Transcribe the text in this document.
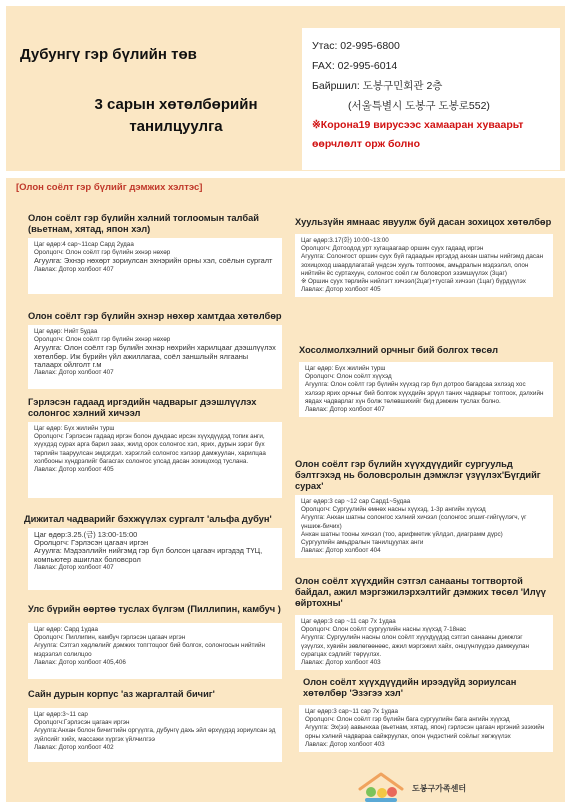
Дубунгү гэр бүлийн төв
3 сарын хөтөлбөрийн танилцуулга
Утас: 02-995-6800
FAX: 02-995-6014
Байршил: 도봉구민회관 2층
(서울특별시 도봉구 도봉로552)
※Корона19 вирусээс хамааран хуваарьт өөрчлөлт орж болно
[Олон соёлт гэр бүлийг дэмжих хэлтэс]
Олон соёлт гэр бүлийн хэлний тоглоомын талбай (вьетнам, хятад, япон хэл)
Цаг өдөр:4 сар~11сар Сард 2удаа
Оролцогч: Олон соёлт гэр бүлийн эхнэр нөхөр
Агуулга: Эхнэр нөхөрт зориулсан эхнэрийн орны хэл, соёлын сургалт
Лавлах: Дотор холбоот 407
Олон соёлт гэр бүлийн эхнэр нөхөр хамтдаа хөтөлбөр
Цаг өдөр: Нийт 5удаа
Оролцогч: Олон соёлт гэр бүлийн эхнэр нөхөр
Агуулга: Олон соёлт гэр бүлийн эхнэр нөхрийн харилцааг дээшлүүлэх хөтөлбөр. Иж бүрийн үйл ажиллагаа, соёл заншлыйн ялгааны талаарх ойлголт г.м
Лавлах: Дотор холбоот 407
Гэрлэсэн гадаад иргэдийн чадварыг дээшлүүлэх солонгос хэлний хичээл
Цаг өдөр: Бүх жилийн турш
Оролцогч: Гэрлэсэн гадаад иргэн болон дундаас ирсэн хүүхдүүдэд топик анги, хүүхдэд сурах арга барил заах, жилд орох солонгос хэл, ярих, дурын зэрэг бүх төрлийн тааруулсан эмдэгдэл. хэрэглэй солонгос хэлээр дамжуулан, харилцаа холбооны хүндрэлийг багасгах солонгос улсад дасан зохицоход туслана.
Лавлах: Дотор холбоот 405
Дижитал чадварийг бэхжүүлэх сургалт 'альфа дубун'
Цаг өдөр:3.25.(금) 13:00-15:00
Оролцогч: Гэрлэсэн цагаач иргэн
Агуулга: Мэдээллийн нийгэмд гэр бүл болсон цагаач иргэдэд ТҮЦ, компьютер ашиглах боловсрол
Лавлах: Дотор холбоот 407
Улс бүрийн өөртөө туслах бүлгэм (Пиллипин, камбуч )
Цаг өдөр: Сард 1удаа
Оролцогч: Пиллипин, камбуч гэрлэсэн цагаач иргэн
Агуулга: Сэтгэл хөдлөлийг дэмжих топгтоцоог бий болгох, солонгосын нийтийн мэдээлэл солилцоо
Лавлах: Дотор холбоот 405,406
Сайн дурын корпус 'аз жаргалтай бичиг'
Цаг өдөр:3~11 сар
Оролцогч:Гэрлэсэн цагаач иргэн
Агуулга:Анхан болон бичигтийн оргүүлга, дубунгү дахь эйл өрхүүдэд зориулсан эд зүйлсийг хийх, массажи хүргэх үйлчилгээ
Лавлах: Дотор холбоот 402
Хуульзүйн ямнаас явуулж буй дасан зохицох хөтөлбөр
Цаг өдөр:3.17(화) 10:00~13:00
Оролцогч: Дотоодод урт хугацаагаар оршин суух гадаад иргэн
Агуулга: Солонгост оршин суух бүй гадаадын иргэдэд анхан шатны нийгэмд дасан зохицоход шаардлагатай үндсэн хууль топтоомж, амьдралын мэдээлэл, олон нийтийн ёс суртахуун, солонгос соёл г.м боловсрол эзэмшүүлэх (3цаг)
※ Оршин суух төрлийн нийлэгт хичээл(2цаг)+тусгай хичээл (1цаг) бүрдүүлэх
Лавлах: Дотор холбоот 405
Хосолмолхэлний орчныг бий болгох төсөл
Цаг өдөр: Бүх жилийн турш
Оролцогч: Олон соёлт хүүхэд
Агуулга: Олон соёлт гэр бүлийн хүүхэд гэр бүл дотроо багадсаа эхлээд хос хэлээр ярих орчныг бий болгож хүүхдийн эрүүл таних чадварыг топтоох, дэлхийн явдах чадварлаг хүн болж төлөвшихийг бид дэмжин туслах болно.
Лавлах: Дотор холбоот 407
Олон соёлт гэр бүлийн хүүхдүүдийг сургуульд бэлтгэхэд нь боловсролын дэмжлэг үзүүлэх'Бүгдийг сурах'
Цаг өдөр:3 сар ~12 сар Сард1~5удаа
Оролцогч: Сургуулийн өмнөх насны хүүхэд, 1-3р ангийн хүүхэд
Агуулга: Анхан шатны солонгос хэлний хичээл (солонгос эгшиг-гийгүүлэгч, үг үншиж-бичих)
Анхан шатны тооны хичээл (тоо, арифметик үйлдэл, диаграмм дүрс)
Сургуулийн амьдралын танилцуулах анги
Лавлах: Дотор холбоот 404
Олон соёлт хүүхдийн сэтгэл санааны тогтвортой байдал, ажил мэргэжилэрхэлтийг дэмжих төсөл 'Илүү өйртохны'
Цаг өдөр:3 сар ~11 сар 7х 1удаа
Оролцогч: Олон соёлт сургуулийн насны хүүхэд 7-18нас
Агуулга: Сургуулийн насны олон соёлт хүүхдүүдэд сэтгэл санааны дэмжлэг үзүүлэх, хувийн зөвлөгөөнөөс, ажил мэргэжил хайх, онцгүнлүүдээ дамжуулан сурагцах сэдлийг төрүүлэх.
Лавлах: Дотор холбоот 403
Олон соёлт хүүхдүүдийн ирээдүйд зориулсан хөтөлбөр 'Эзэгээ хэл'
Цаг өдөр:3 сар~11 сар 7х 1удаа
Оролцогч: Олон соёлт гэр бүлийн бага сургуулийн бага ангийн хүүхэд
Агуулга: Эх(ээ) аавынхаа (вьетнам, хятад, япон) гэрлэсэн цагаач иргэний эзэхийн орны хэлний чадвараа сайжруулах, олон үндэстний соёлыг хөгжүүлэх
Лавлах: Дотор холбоот 403
도봉구가족센터
